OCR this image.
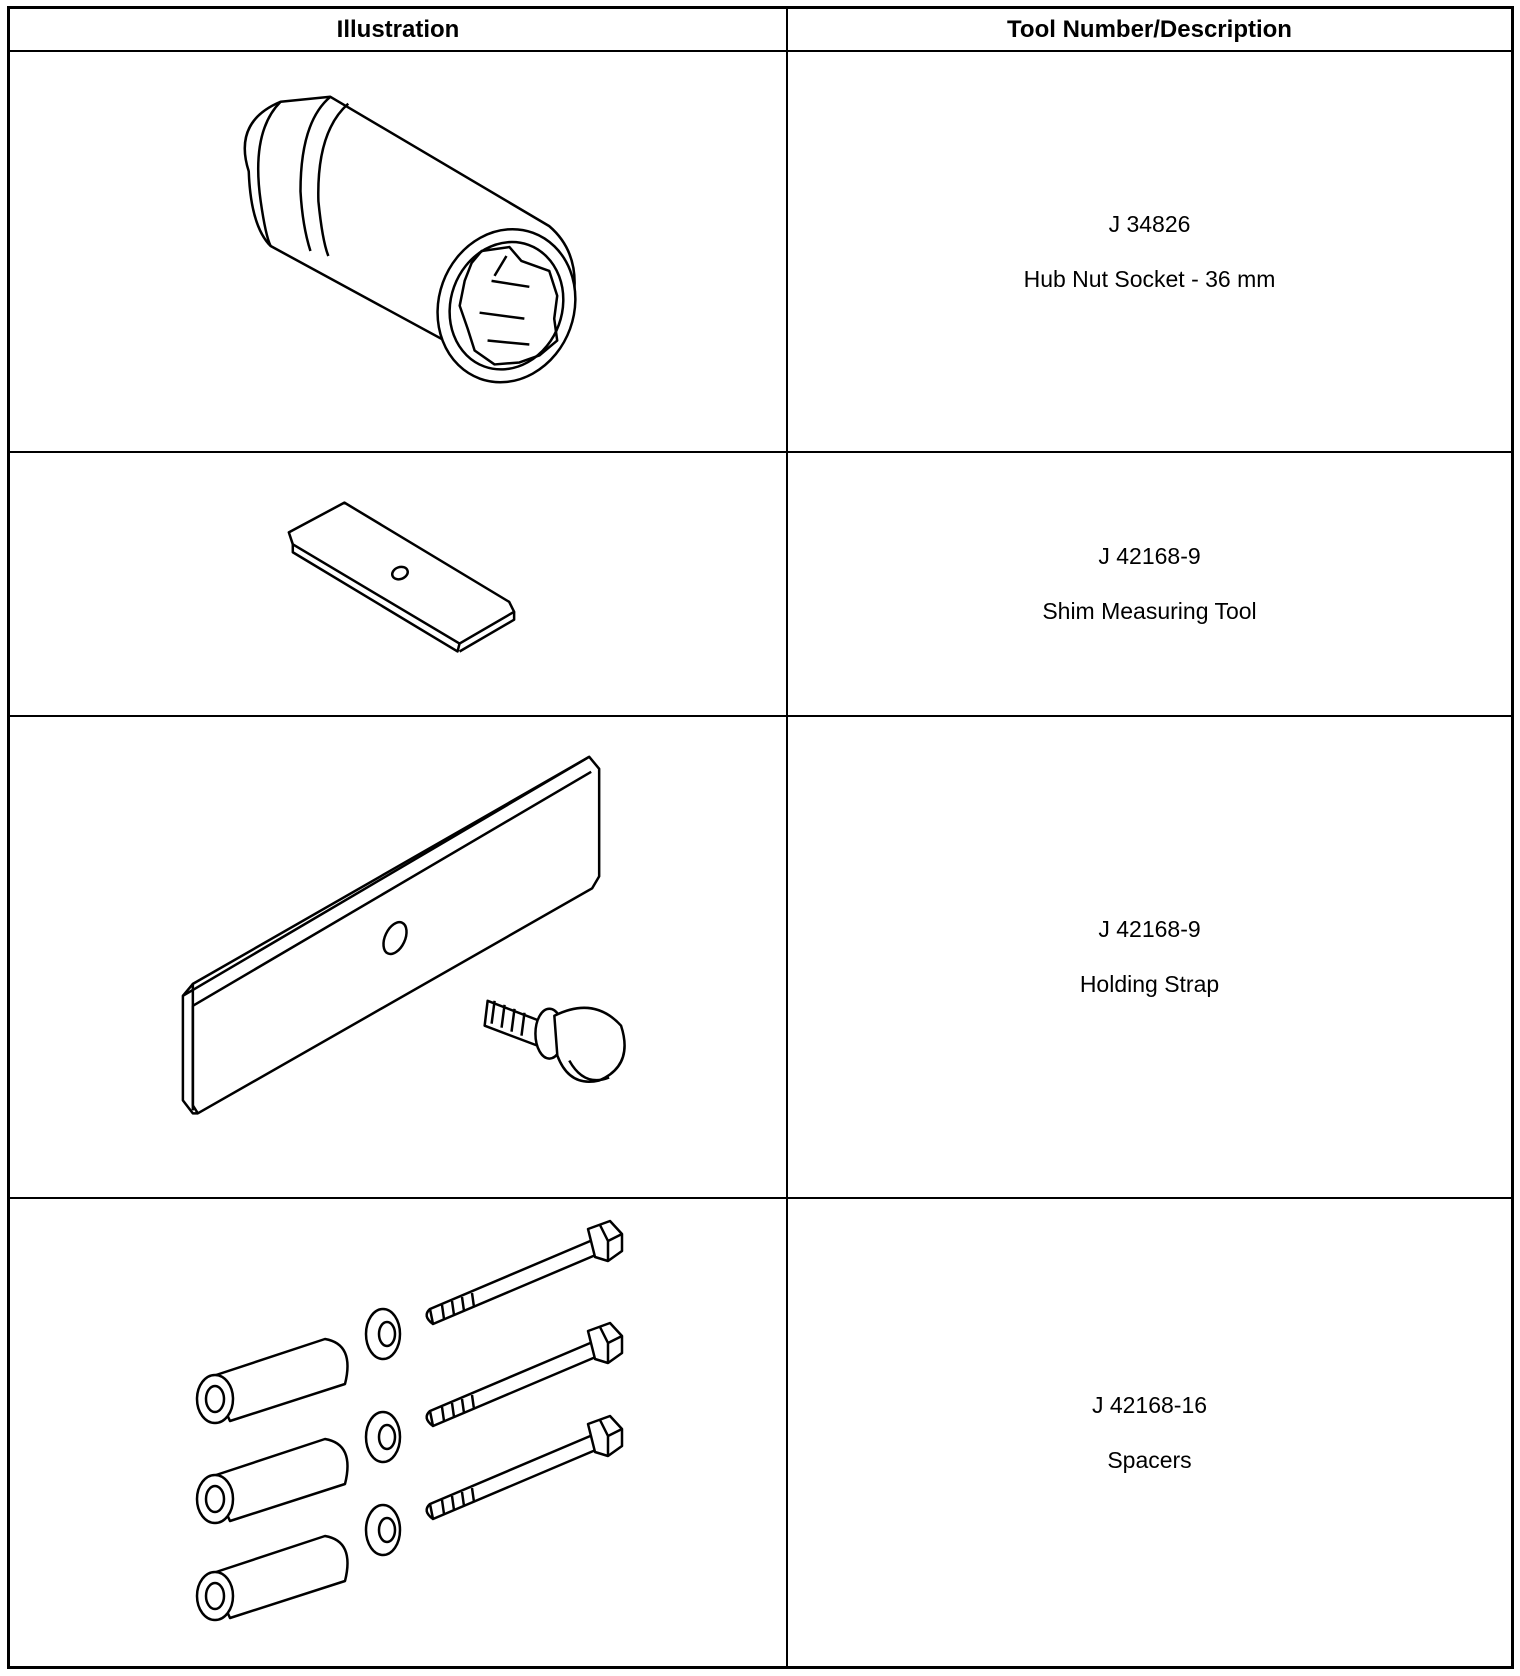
Illustration	Tool Number/Description
J 34826
Hub Nut Socket - 36 mm
J 42168-9
Shim Measuring Tool
J 42168-9
Holding Strap
J 42168-16
Spacers
